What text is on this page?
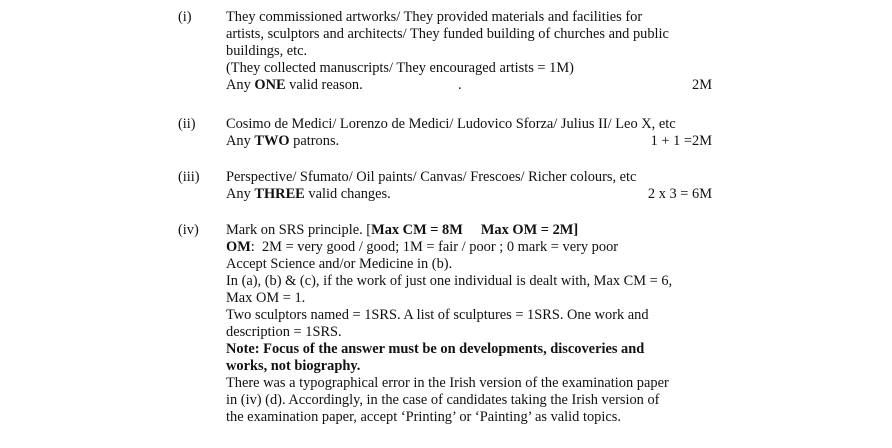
(i) They commissioned artworks/ They provided materials and facilities for
artists, sculptors and architects/ They funded building of churches and public
buildings, etc.
(They collected manuscripts/ They encouraged artists = 1M)
Any ONE valid reason.	.	2M
(ii) Cosimo de Medici/ Lorenzo de Medici/ Ludovico Sforza/ Julius II/ Leo X, etc
Any TWO patrons.	1 + 1 =2M
(iii) Perspective/ Sfumato/ Oil paints/ Canvas/ Frescoes/ Richer colours, etc
Any THREE valid changes.	2 x 3 = 6M
(iv) Mark on SRS principle. [Max CM = 8M Max OM = 2M]
OM:  2M = very good / good; 1M = fair / poor ; 0 mark = very poor
Accept Science and/or Medicine in (b).
In (a), (b) & (c), if the work of just one individual is dealt with, Max CM = 6,
Max OM = 1.
Two sculptors named = 1SRS. A list of sculptures = 1SRS. One work and
description = 1SRS.
Note: Focus of the answer must be on developments, discoveries and
works, not biography.
There was a typographical error in the Irish version of the examination paper
in (iv) (d). Accordingly, in the case of candidates taking the Irish version of
the examination paper, accept ‘Printing’ or ‘Painting’ as valid topics.
